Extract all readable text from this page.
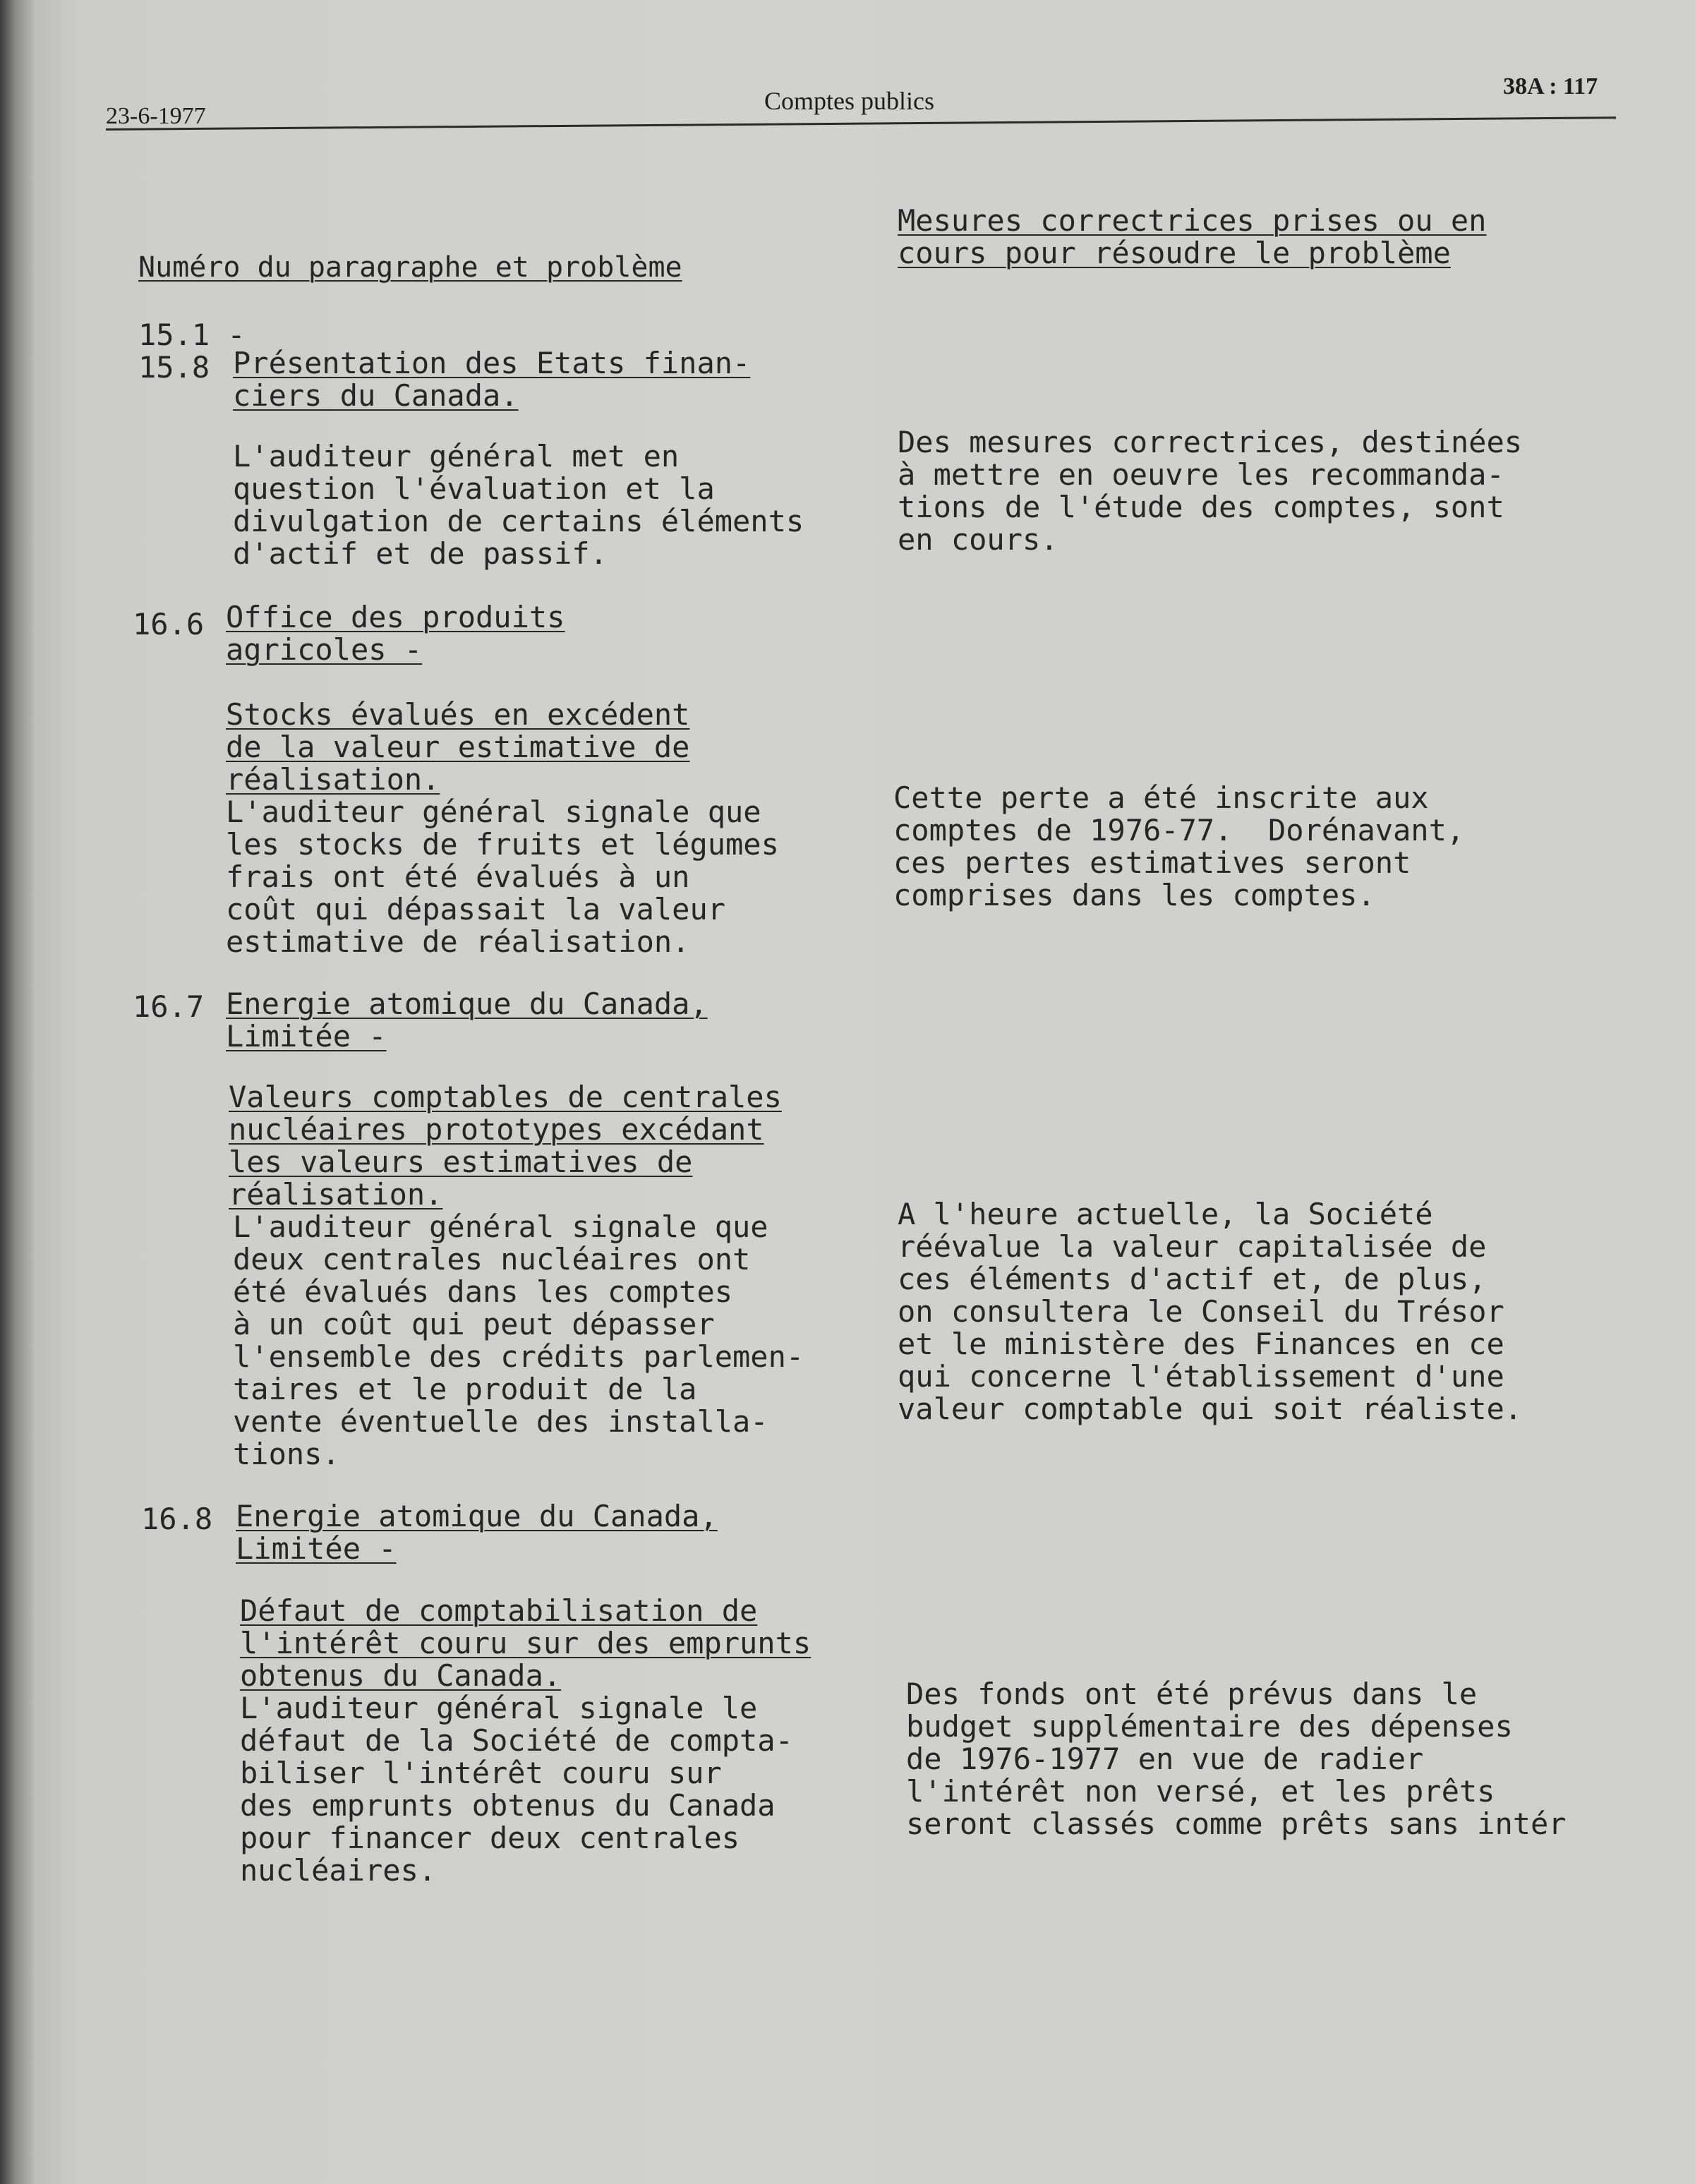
23-6-1977
Comptes publics
38A : 117
Numéro du paragraphe et problème
Mesures correctrices prises ou en
cours pour résoudre le problème
15.1 -
15.8 Présentation des Etats finan-
ciers du Canada.
L'auditeur général met en
question l'évaluation et la
divulgation de certains éléments
d'actif et de passif.
Des mesures correctrices, destinées
à mettre en oeuvre les recommanda-
tions de l'étude des comptes, sont
en cours.
16.6 Office des produits
agricoles -
Stocks évalués en excédent
de la valeur estimative de
réalisation.
L'auditeur général signale que
les stocks de fruits et légumes
frais ont été évalués à un
coût qui dépassait la valeur
estimative de réalisation.
Cette perte a été inscrite aux
comptes de 1976-77.  Dorénavant,
ces pertes estimatives seront
comprises dans les comptes.
16.7 Energie atomique du Canada,
Limitée -
Valeurs comptables de centrales
nucléaires prototypes excédant
les valeurs estimatives de
réalisation.
L'auditeur général signale que
deux centrales nucléaires ont
été évalués dans les comptes
à un coût qui peut dépasser
l'ensemble des crédits parlemen-
taires et le produit de la
vente éventuelle des installa-
tions.
A l'heure actuelle, la Société
réévalue la valeur capitalisée de
ces éléments d'actif et, de plus,
on consultera le Conseil du Trésor
et le ministère des Finances en ce
qui concerne l'établissement d'une
valeur comptable qui soit réaliste.
16.8 Energie atomique du Canada,
Limitée -
Défaut de comptabilisation de
l'intérêt couru sur des emprunts
obtenus du Canada.
L'auditeur général signale le
défaut de la Société de compta-
biliser l'intérêt couru sur
des emprunts obtenus du Canada
pour financer deux centrales
nucléaires.
Des fonds ont été prévus dans le
budget supplémentaire des dépenses
de 1976-1977 en vue de radier
l'intérêt non versé, et les prêts
seront classés comme prêts sans intér
